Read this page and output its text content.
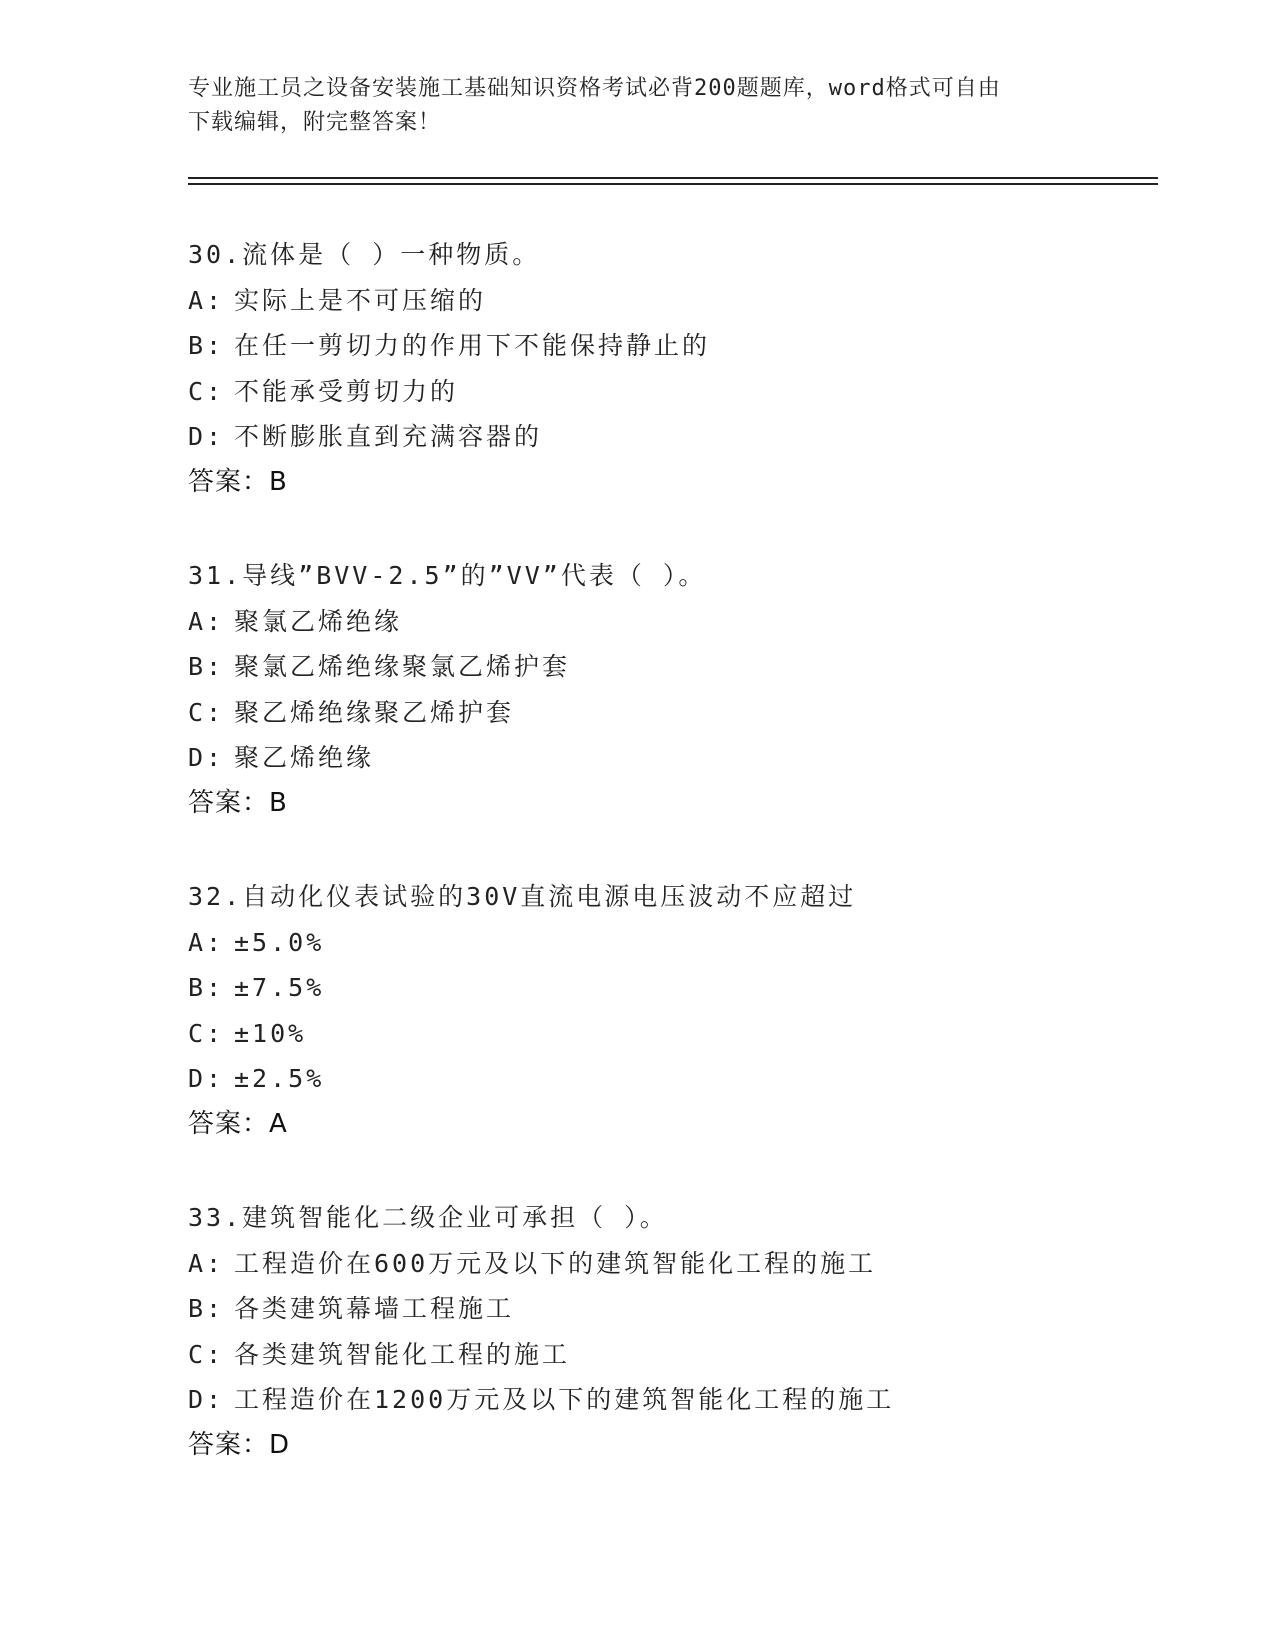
专业施工员之设备安装施工基础知识资格考试必背200题题库，word格式可自由
下载编辑，附完整答案！
30.流体是（ ）一种物质。
A: 实际上是不可压缩的
B: 在任一剪切力的作用下不能保持静止的
C: 不能承受剪切力的
D: 不断膨胀直到充满容器的
答案：B
31.导线”BVV-2.5”的”VV”代表（ ）。
A: 聚氯乙烯绝缘
B: 聚氯乙烯绝缘聚氯乙烯护套
C: 聚乙烯绝缘聚乙烯护套
D: 聚乙烯绝缘
答案：B
32.自动化仪表试验的30V直流电源电压波动不应超过
A: ±5.0%
B: ±7.5%
C: ±10%
D: ±2.5%
答案：A
33.建筑智能化二级企业可承担（ ）。
A: 工程造价在600万元及以下的建筑智能化工程的施工
B: 各类建筑幕墙工程施工
C: 各类建筑智能化工程的施工
D: 工程造价在1200万元及以下的建筑智能化工程的施工
答案：D
